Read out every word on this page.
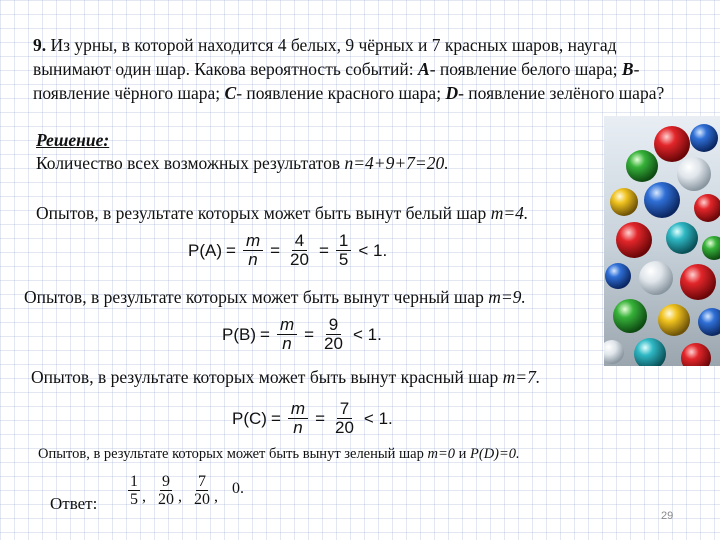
9. Из урны, в которой находится 4 белых, 9 чёрных и 7 красных шаров, наугад вынимают один шар. Какова вероятность событий: А- появление белого шара; В- появление чёрного шара; С- появление красного шара; D- появление зелёного шара?
Решение:
Количество всех возможных результатов n=4+9+7=20.
Опытов, в результате которых может быть вынут белый шар m=4.
$P(A) = \frac{m}{n} = \frac{4}{20} = \frac{1}{5} < 1$.
Опытов, в результате которых может быть вынут черный шар m=9.
$P(B) = \frac{m}{n} = \frac{9}{20} < 1$.
Опытов, в результате которых может быть вынут красный шар m=7.
$P(C) = \frac{m}{n} = \frac{7}{20} < 1$.
Опытов, в результате которых может быть вынут зеленый шар m=0 и P(D)=0.
Ответ: $\frac{1}{5}$ , $\frac{9}{20}$ , $\frac{7}{20}$ , 0.
29
